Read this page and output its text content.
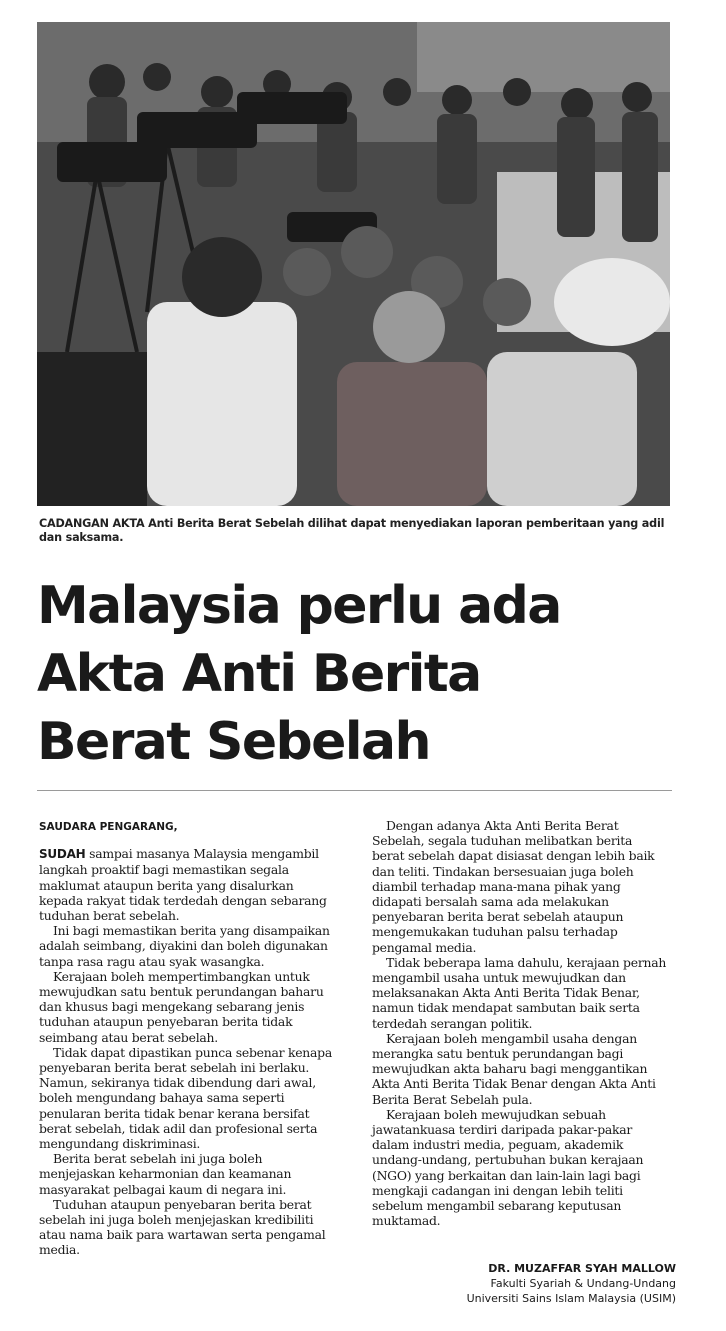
CADANGAN AKTA Anti Berita Berat Sebelah dilihat dapat menyediakan laporan pemberitaan yang adil dan saksama.
Malaysia perlu ada
Akta Anti Berita
Berat Sebelah
SAUDARA PENGARANG,

SUDAH sampai masanya Malaysia mengambil langkah proaktif bagi memastikan segala maklumat ataupun berita yang disalurkan kepada rakyat tidak terdedah dengan sebarang tuduhan berat sebelah.

Ini bagi memastikan berita yang disampaikan adalah seimbang, diyakini dan boleh digunakan tanpa rasa ragu atau syak wasangka.

Kerajaan boleh mempertimbangkan untuk mewujudkan satu bentuk perundangan baharu dan khusus bagi mengekang sebarang jenis tuduhan ataupun penyebaran berita tidak seimbang atau berat sebelah.

Tidak dapat dipastikan punca sebenar kenapa penyebaran berita berat sebelah ini berlaku. Namun, sekiranya tidak dibendung dari awal, boleh mengundang bahaya sama seperti penularan berita tidak benar kerana bersifat berat sebelah, tidak adil dan profesional serta mengundang diskriminasi.

Berita berat sebelah ini juga boleh menjejaskan keharmonian dan keamanan masyarakat pelbagai kaum di negara ini.

Tuduhan ataupun penyebaran berita berat sebelah ini juga boleh menjejaskan kredibiliti atau nama baik para wartawan serta pengamal media.

Dengan adanya Akta Anti Berita Berat Sebelah, segala tuduhan melibatkan berita berat sebelah dapat disiasat dengan lebih baik dan teliti. Tindakan bersesuaian juga boleh diambil terhadap mana-mana pihak yang didapati bersalah sama ada melakukan penyebaran berita berat sebelah ataupun mengemukakan tuduhan palsu terhadap pengamal media.

Tidak beberapa lama dahulu, kerajaan pernah mengambil usaha untuk mewujudkan dan melaksanakan Akta Anti Berita Tidak Benar, namun tidak mendapat sambutan baik serta terdedah serangan politik.

Kerajaan boleh mengambil usaha dengan merangka satu bentuk perundangan bagi mewujudkan akta baharu bagi menggantikan Akta Anti Berita Tidak Benar dengan Akta Anti Berita Berat Sebelah pula.

Kerajaan boleh mewujudkan sebuah jawatankuasa terdiri daripada pakar-pakar dalam industri media, peguam, akademik undang-undang, pertubuhan bukan kerajaan (NGO) yang berkaitan dan lain-lain lagi bagi mengkaji cadangan ini dengan lebih teliti sebelum mengambil sebarang keputusan muktamad.

DR. MUZAFFAR SYAH MALLOW
Fakulti Syariah & Undang-Undang
Universiti Sains Islam Malaysia (USIM)
